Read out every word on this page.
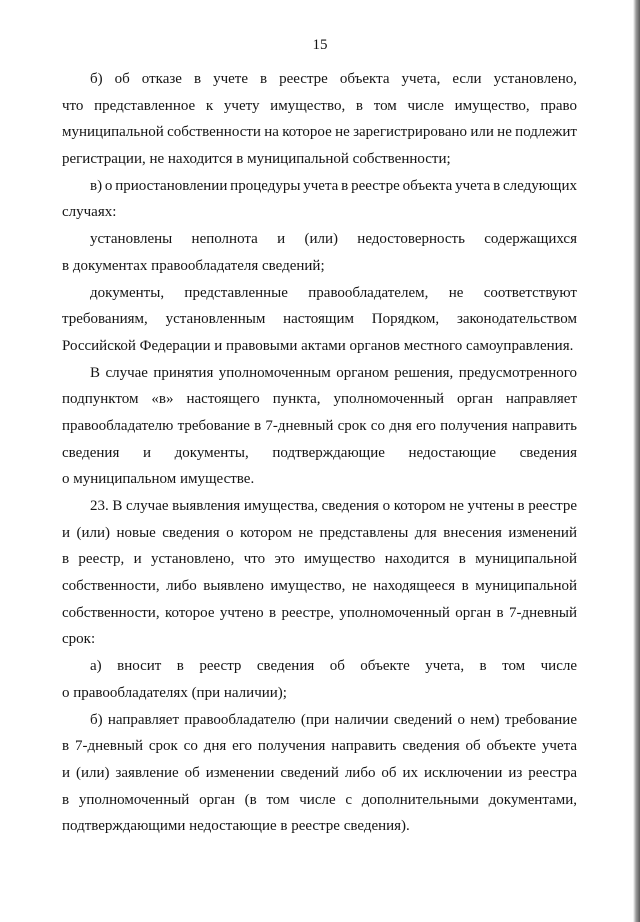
15
б) об отказе в учете в реестре объекта учета, если установлено,
что представленное к учету имущество, в том числе имущество, право
муниципальной собственности на которое не зарегистрировано или не подлежит
регистрации, не находится в муниципальной собственности;
в) о приостановлении процедуры учета в реестре объекта учета в следующих
случаях:
установлены неполнота и (или) недостоверность содержащихся
в документах правообладателя сведений;
документы, представленные правообладателем, не соответствуют
требованиям, установленным настоящим Порядком, законодательством
Российской Федерации и правовыми актами органов местного самоуправления.
В случае принятия уполномоченным органом решения, предусмотренного
подпунктом «в» настоящего пункта, уполномоченный орган направляет
правообладателю требование в 7-дневный срок со дня его получения направить
сведения и документы, подтверждающие недостающие сведения
о муниципальном имуществе.
23. В случае выявления имущества, сведения о котором не учтены в реестре
и (или) новые сведения о котором не представлены для внесения изменений
в реестр, и установлено, что это имущество находится в муниципальной
собственности, либо выявлено имущество, не находящееся в муниципальной
собственности, которое учтено в реестре, уполномоченный орган в 7-дневный
срок:
а) вносит в реестр сведения об объекте учета, в том числе
о правообладателях (при наличии);
б) направляет правообладателю (при наличии сведений о нем) требование
в 7-дневный срок со дня его получения направить сведения об объекте учета
и (или) заявление об изменении сведений либо об их исключении из реестра
в уполномоченный орган (в том числе с дополнительными документами,
подтверждающими недостающие в реестре сведения).
